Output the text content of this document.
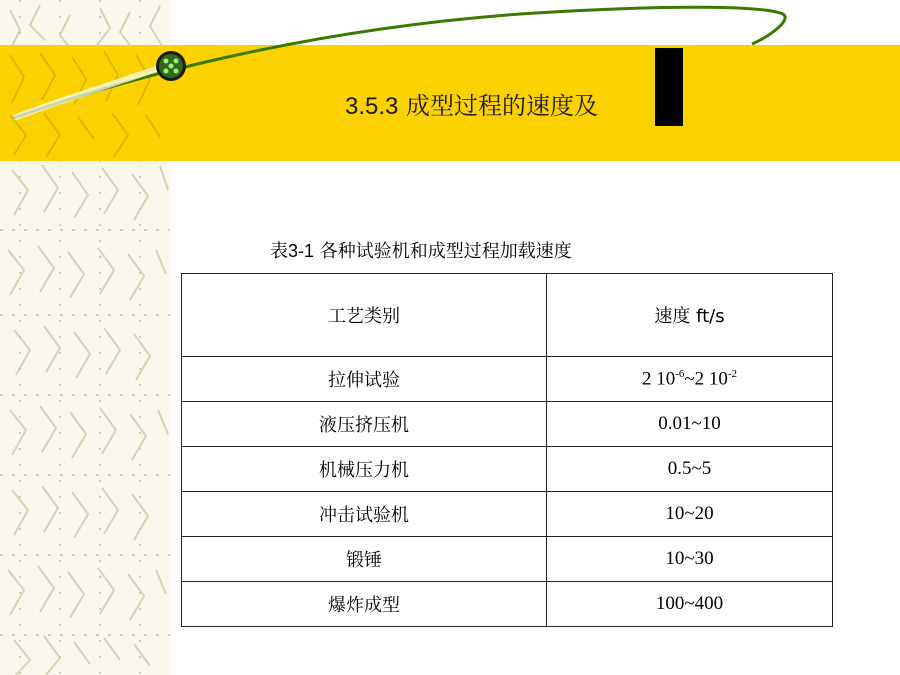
3.5.3 成型过程的速度及
表3-1 各种试验机和成型过程加载速度
工艺类别	速度 ft/s
拉伸试验	2 $10^{-6}\sim 2$ $10^{-2}$
液压挤压机	0.01~10
机械压力机	0.5~5
冲击试验机	10~20
锻锤	10~30
爆炸成型	100~400
